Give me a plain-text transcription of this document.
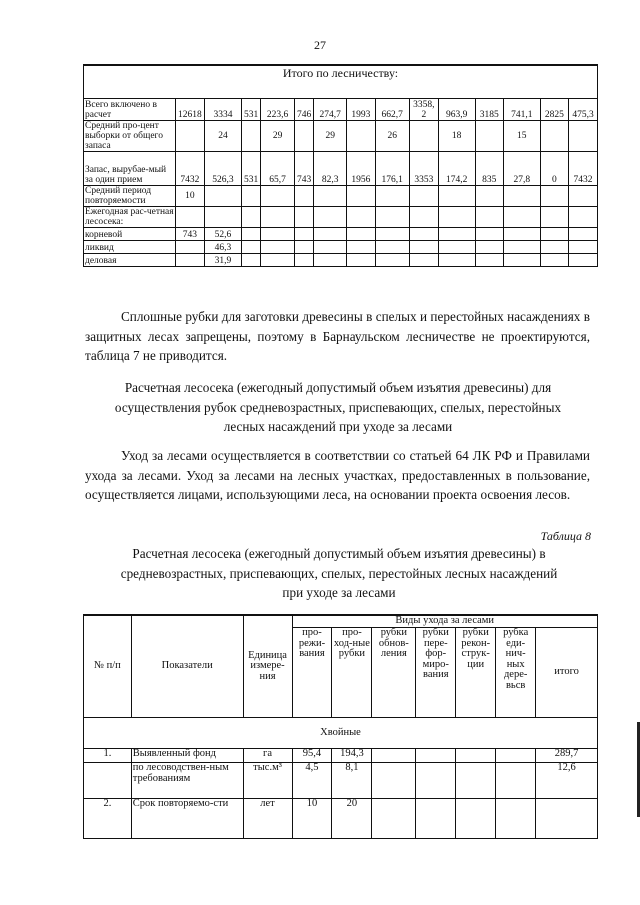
27
Итого по лесничеству:														
Всего включено в расчет	12618	3334	531	223,6	746	274,7	1993	662,7	3358, 2	963,9	3185	741,1	2825	475,3
Средний про-цент выборки от общего запаса		24		29		29		26		18		15		
Запас, вырубае-мый за один прием	7432	526,3	531	65,7	743	82,3	1956	176,1	3353	174,2	835	27,8	0	7432
Средний период повторяемости	10													
Ежегодная рас-четная лесосека:														
корневой	743	52,6												
ликвид		46,3												
деловая		31,9												
Сплошные рубки для заготовки древесины в спелых и перестойных насаждениях в защитных лесах запрещены, поэтому в Барнаульском лесничестве не проектируются, таблица 7 не приводится.
Расчетная лесосека (ежегодный допустимый объем изъятия древесины) для осуществления рубок средневозрастных, приспевающих, спелых, перестойных лесных насаждений при уходе за лесами
Уход за лесами осуществляется в соответствии со статьей 64 ЛК РФ и Правилами ухода за лесами. Уход за лесами на лесных участках, предоставленных в пользование, осуществляется лицами, использующими леса, на основании проекта освоения лесов.
Таблица 8
Расчетная лесосека (ежегодный допустимый объем изъятия древесины) в средневозрастных, приспевающих, спелых, перестойных лесных насаждений при уходе за лесами
№ п/п	Показатели	Единица измере-ния	Виды ухода за лесами						
			про-режи-вания	про-ход-ные рубки	рубки обнов-ления	рубки пере-фор-миро-вания	рубки рекон-струк-ции	рубка еди-нич-ных дере-вьсв	итого
Хвойные									
1.	Выявленный фонд	га	95,4	194,3					289,7
	по лесоводствен-ным требованиям	тыс.м³	4,5	8,1					12,6
2.	Срок повторяемо-сти	лет	10	20					
